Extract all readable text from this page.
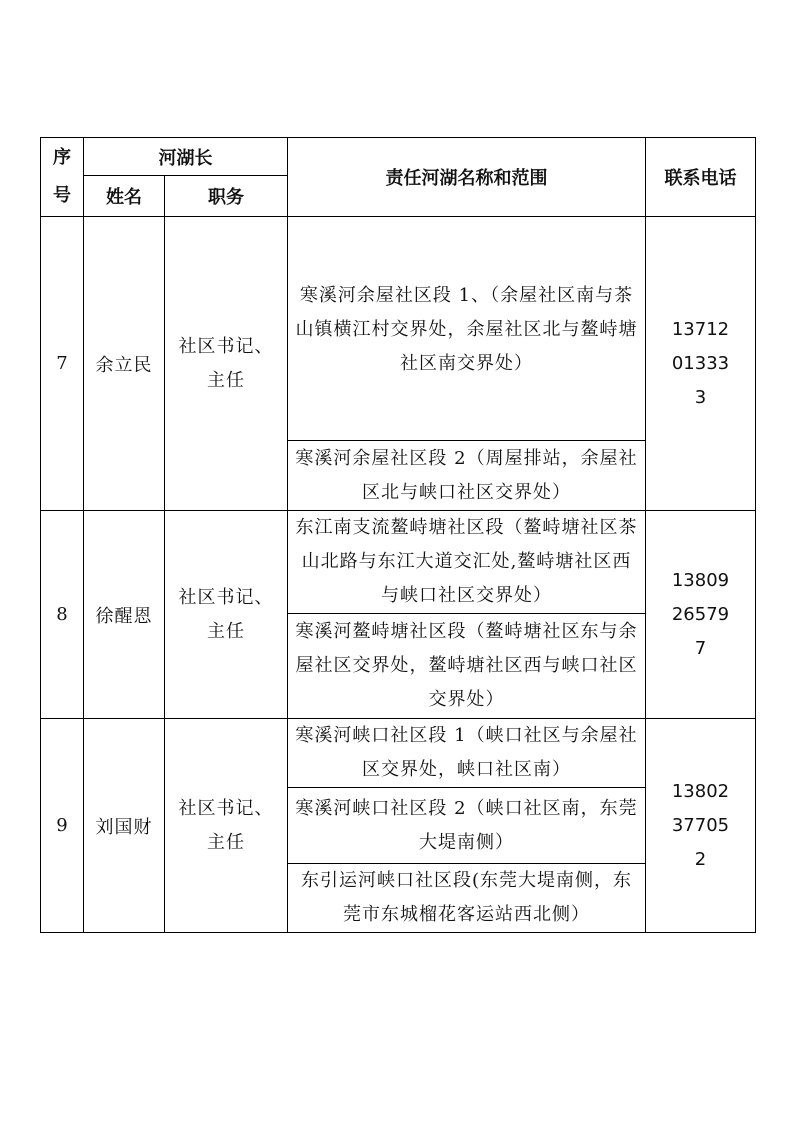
序号	河湖长		责任河湖名称和范围	联系电话
	姓名	职务		
7	余立民	社区书记、主任	寒溪河余屋社区段 1、（余屋社区南与茶山镇横江村交界处，余屋社区北与鳌峙塘社区南交界处）	13712013333

			寒溪河余屋社区段 2（周屋排站，余屋社区北与峡口社区交界处）	
8	徐醒恩	社区书记、主任	东江南支流鳌峙塘社区段（鳌峙塘社区茶山北路与东江大道交汇处,鳌峙塘社区西与峡口社区交界处）	13809265797

			寒溪河鳌峙塘社区段（鳌峙塘社区东与余屋社区交界处，鳌峙塘社区西与峡口社区交界处）	
9	刘国财	社区书记、主任	寒溪河峡口社区段 1（峡口社区与余屋社区交界处，峡口社区南）	13802377052

			寒溪河峡口社区段 2（峡口社区南，东莞大堤南侧）	
			东引运河峡口社区段(东莞大堤南侧，东莞市东城榴花客运站西北侧）	
